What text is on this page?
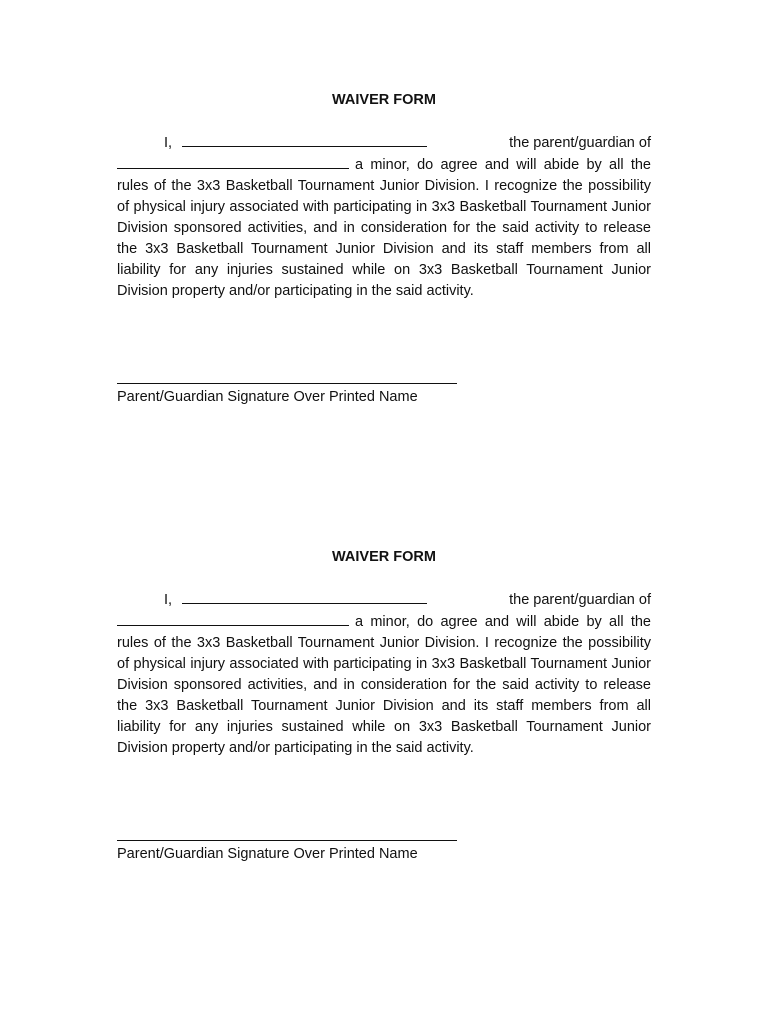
WAIVER FORM
I,	the parent/guardian of

a minor, do agree and will abide by all the rules of the 3x3 Basketball Tournament Junior Division. I recognize the possibility of physical injury associated with participating in 3x3 Basketball Tournament Junior Division sponsored activities, and in consideration for the said activity to release the 3x3 Basketball Tournament Junior Division and its staff members from all liability for any injuries sustained while on 3x3 Basketball Tournament Junior Division property and/or participating in the said activity.

Parent/Guardian Signature Over Printed Name
WAIVER FORM
I,	the parent/guardian of

a minor, do agree and will abide by all the rules of the 3x3 Basketball Tournament Junior Division. I recognize the possibility of physical injury associated with participating in 3x3 Basketball Tournament Junior Division sponsored activities, and in consideration for the said activity to release the 3x3 Basketball Tournament Junior Division and its staff members from all liability for any injuries sustained while on 3x3 Basketball Tournament Junior Division property and/or participating in the said activity.

Parent/Guardian Signature Over Printed Name
